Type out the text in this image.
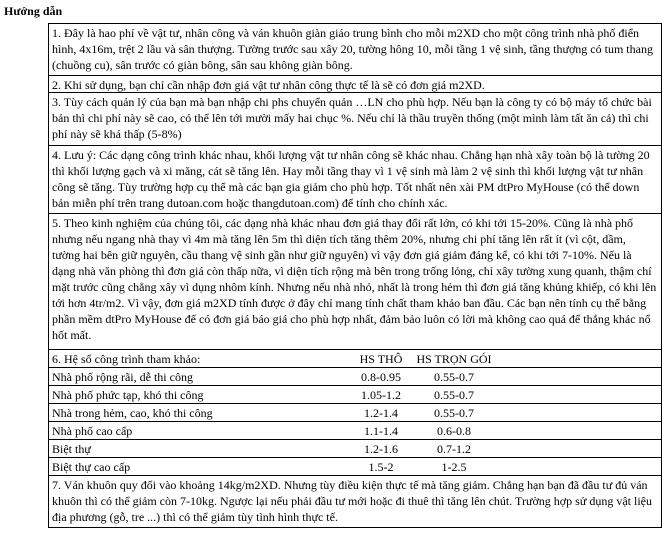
Hướng dẫn
1. Đây là hao phí về vật tư, nhân công và ván khuôn giàn giáo trung bình cho mỗi m2XD cho một công trình nhà phố điển hình, 4x16m, trệt 2 lầu và sân thượng. Tường trước sau xây 20, tường hông 10, mỗi tầng 1 vệ sinh, tầng thượng có tum thang (chuồng cu), sân trước có giàn bông, sân sau không giàn bông.
2. Khi sử dụng, bạn chỉ cần nhập đơn giá vật tư nhân công thực tế là sẽ có đơn giá m2XD.
3. Tùy cách quản lý của bạn mà bạn nhập chi phs chuyển quản …LN cho phù hợp. Nếu bạn là công ty có bộ máy tổ chức bài bản thì chi phí này sẽ cao, có thể lên tới mười mấy hai chục %. Nếu chỉ là thầu truyền thống (một mình làm tất ăn cả) thì chi phí này sẽ khá thấp (5-8%)
4. Lưu ý: Các dạng công trình khác nhau, khối lượng vật tư nhân công sẽ khác nhau. Chẳng hạn nhà xây toàn bộ là tường 20 thì khối lượng gạch và xi măng, cát sẽ tăng lên. Hay mỗi tầng thay vì 1 vệ sinh mà làm 2 vệ sinh thì khối lượng vật tư nhân công sẽ tăng. Tùy trường hợp cụ thể mà các bạn gia giảm cho phù hợp. Tốt nhất nên xài PM dtPro MyHouse (có thể down bản miễn phí trên trang dutoan.com hoặc thangdutoan.com) để tính cho chính xác.
5. Theo kinh nghiệm của chúng tôi, các dạng nhà khác nhau đơn giá thay đổi rất lớn, có khi tới 15-20%. Cũng là nhà phố nhưng nếu ngang nhà thay vì 4m mà tăng lên 5m thì diện tích tăng thêm 20%, nhưng chi phí tăng lên rất ít (vì cột, dầm, tường hai bên giữ nguyên, cầu thang vệ sinh gần như giữ nguyên) vì vậy đơn giá giảm đáng kể, có khi tới 7-10%. Nếu là dạng nhà văn phòng thì đơn giá còn thấp nữa, vì diện tích rộng mà bên trong trống lỏng, chỉ xây tường xung quanh, thậm chí mặt trước cũng chẳng xây vì dụng nhôm kính. Nhưng nếu nhà nhỏ, nhất là trong hẻm thì đơn giá tăng khủng khiếp, có khi lên tới hơn 4tr/m2. Vì vậy, đơn giá m2XD tính được ở đây chỉ mang tính chất tham khảo ban đầu. Các bạn nên tính cụ thể bằng phần mềm dtPro MyHouse để có đơn giá báo giá cho phù hợp nhất, đảm bảo luôn có lời mà không cao quá để thắng khác nổ hốt mất.
6. Hệ số công trình tham khảo:	HS THÔ	HS TRỌN GÓI
Nhà phố rộng rãi, dễ thi công	0.8-0.95	0.55-0.7
Nhà phố phức tạp, khó thi công	1.05-1.2	0.55-0.7
Nhà trong hẻm, cao, khó thi công	1.2-1.4	0.55-0.7
Nhà phố cao cấp	1.1-1.4	0.6-0.8
Biệt thự	1.2-1.6	0.7-1.2
Biệt thự cao cấp	1.5-2	1-2.5
7. Ván khuôn quy đổi vào khoảng 14kg/m2XD. Nhưng tùy điều kiện thực tế mà tăng giảm. Chẳng hạn bạn đã đầu tư đủ ván khuôn thì có thể giảm còn 7-10kg. Ngược lại nếu phải đầu tư mới hoặc đi thuê thì tăng lên chút. Trường hợp sử dụng vật liệu địa phương (gỗ, tre ...) thì có thể giảm tùy tình hình thực tế.
